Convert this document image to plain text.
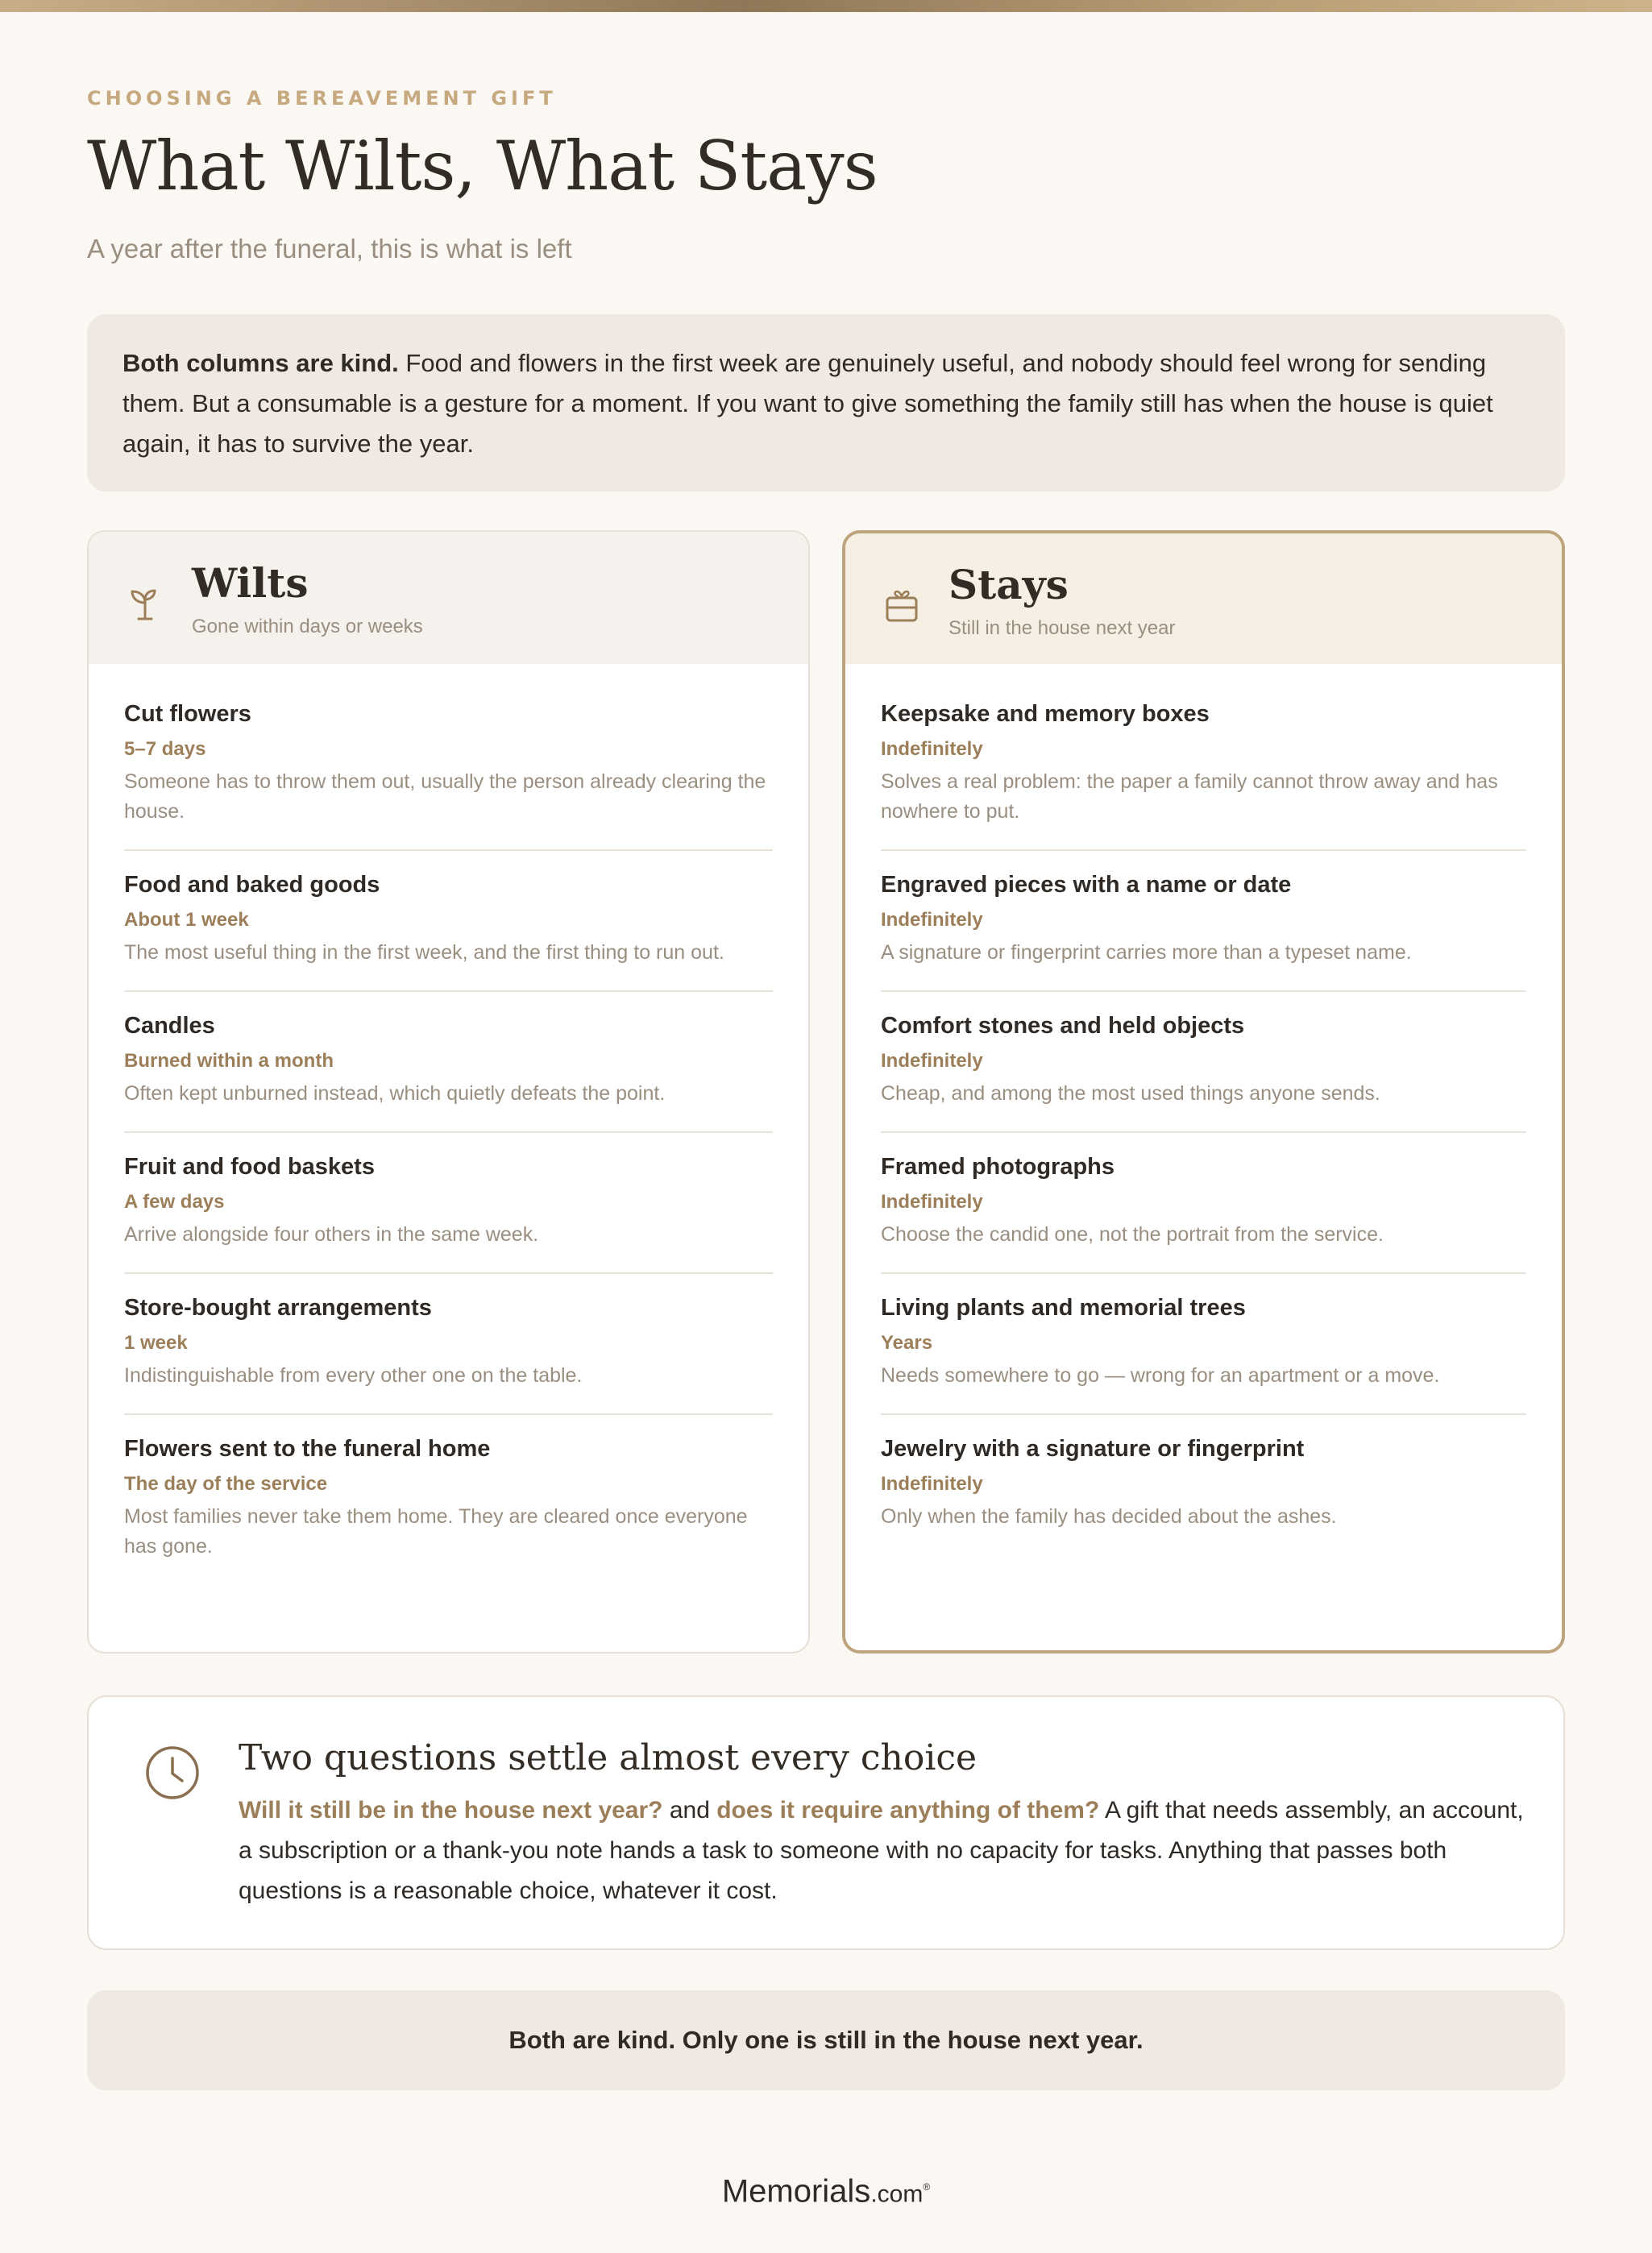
CHOOSING A BEREAVEMENT GIFT
What Wilts, What Stays
A year after the funeral, this is what is left
Both columns are kind. Food and flowers in the first week are genuinely useful, and nobody should feel wrong for sending them. But a consumable is a gesture for a moment. If you want to give something the family still has when the house is quiet again, it has to survive the year.
Wilts
Gone within days or weeks
Cut flowers
5–7 days
Someone has to throw them out, usually the person already clearing the house.
Food and baked goods
About 1 week
The most useful thing in the first week, and the first thing to run out.
Candles
Burned within a month
Often kept unburned instead, which quietly defeats the point.
Fruit and food baskets
A few days
Arrive alongside four others in the same week.
Store-bought arrangements
1 week
Indistinguishable from every other one on the table.
Flowers sent to the funeral home
The day of the service
Most families never take them home. They are cleared once everyone has gone.
Stays
Still in the house next year
Keepsake and memory boxes
Indefinitely
Solves a real problem: the paper a family cannot throw away and has nowhere to put.
Engraved pieces with a name or date
Indefinitely
A signature or fingerprint carries more than a typeset name.
Comfort stones and held objects
Indefinitely
Cheap, and among the most used things anyone sends.
Framed photographs
Indefinitely
Choose the candid one, not the portrait from the service.
Living plants and memorial trees
Years
Needs somewhere to go — wrong for an apartment or a move.
Jewelry with a signature or fingerprint
Indefinitely
Only when the family has decided about the ashes.
Two questions settle almost every choice
Will it still be in the house next year? and does it require anything of them? A gift that needs assembly, an account, a subscription or a thank-you note hands a task to someone with no capacity for tasks. Anything that passes both questions is a reasonable choice, whatever it cost.
Both are kind. Only one is still in the house next year.
Memorials.com®
